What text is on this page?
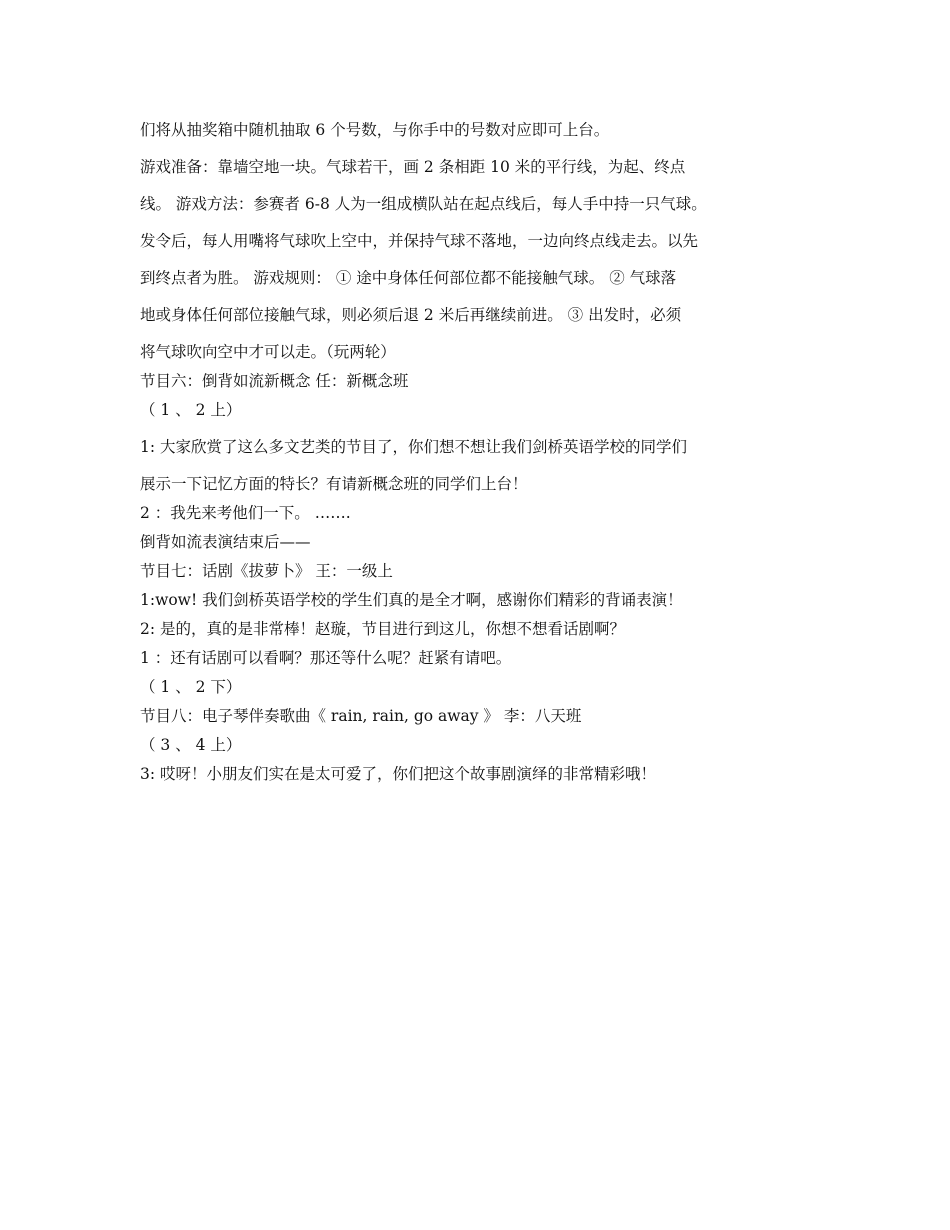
们将从抽奖箱中随机抽取 6 个号数，与你手中的号数对应即可上台。
游戏准备：靠墙空地一块。气球若干，画 2 条相距 10 米的平行线，为起、终点
线。 游戏方法：参赛者 6-8 人为一组成横队站在起点线后，每人手中持一只气球。
发令后，每人用嘴将气球吹上空中，并保持气球不落地，一边向终点线走去。以先
到终点者为胜。 游戏规则： ① 途中身体任何部位都不能接触气球。 ② 气球落
地或身体任何部位接触气球，则必须后退 2 米后再继续前进。 ③ 出发时，必须
将气球吹向空中才可以走。（玩两轮）
节目六：倒背如流新概念 任：新概念班
（ 1 、 2 上）
1: 大家欣赏了这么多文艺类的节目了，你们想不想让我们剑桥英语学校的同学们
展示一下记忆方面的特长？有请新概念班的同学们上台！
2 ：我先来考他们一下。 …….
倒背如流表演结束后——
节目七：话剧《拔萝卜》 王：一级上
1:wow! 我们剑桥英语学校的学生们真的是全才啊，感谢你们精彩的背诵表演！
2: 是的，真的是非常棒！赵璇，节目进行到这儿，你想不想看话剧啊？
1 ：还有话剧可以看啊？那还等什么呢？赶紧有请吧。
（ 1 、 2 下）
节目八：电子琴伴奏歌曲《 rain, rain, go away 》 李：八天班
（ 3 、 4 上）
3: 哎呀！小朋友们实在是太可爱了，你们把这个故事剧演绎的非常精彩哦！
